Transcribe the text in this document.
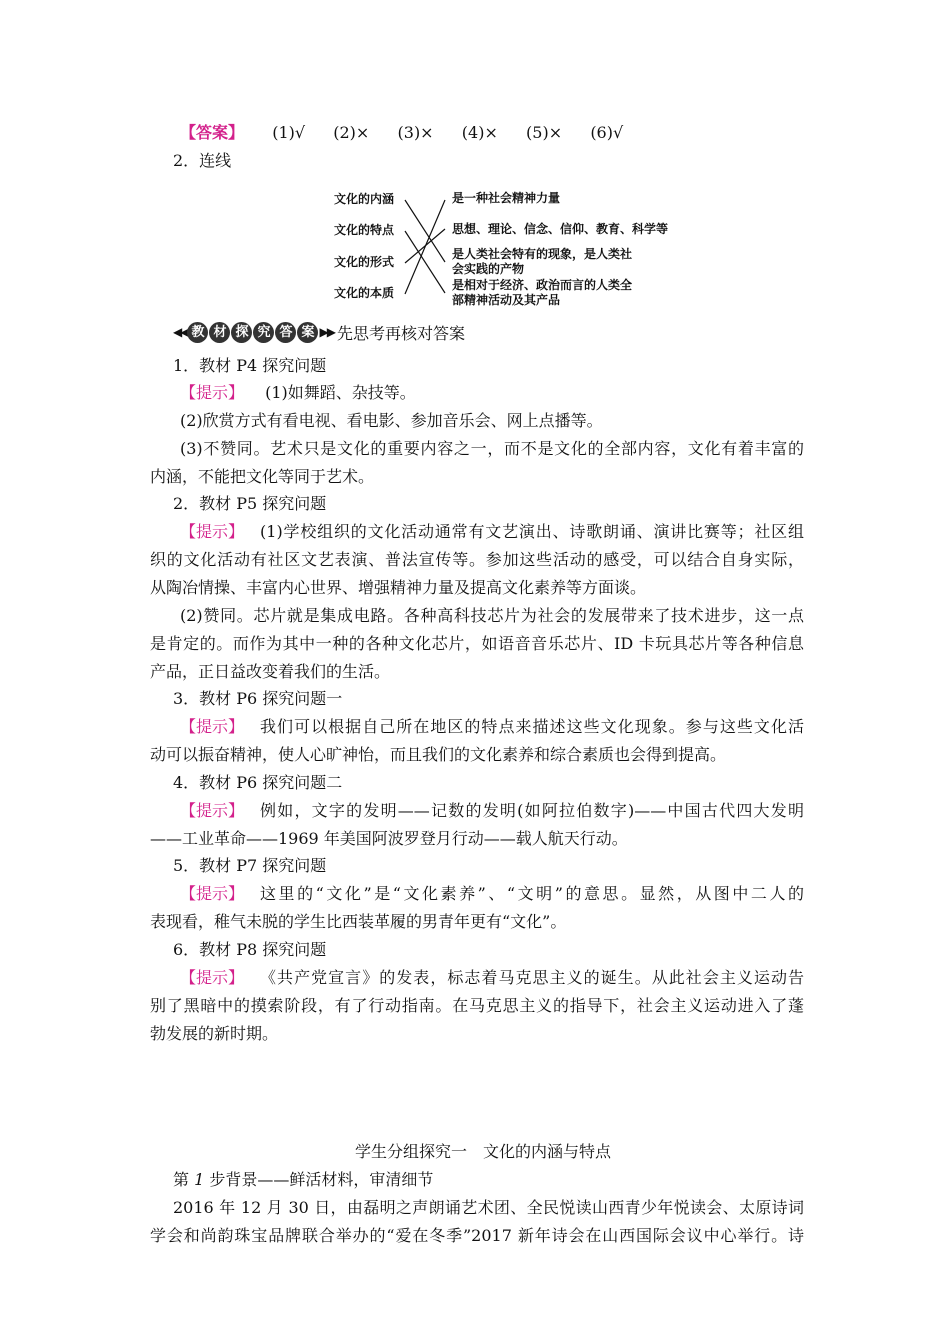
【答案】 (1)√ (2)× (3)× (4)× (5)× (6)√
2．连线
文化的内涵
文化的特点
文化的形式
文化的本质
是一种社会精神力量
思想、理论、信念、信仰、教育、科学等
是人类社会特有的现象，是人类社
会实践的产物
是相对于经济、政治而言的人类全
部精神活动及其产品
◀◀ 教 材 探 究 答 案 ▶▶ 先思考再核对答案
1．教材 P4 探究问题
【提示】 (1)如舞蹈、杂技等。
(2)欣赏方式有看电视、看电影、参加音乐会、网上点播等。
(3)不赞同。艺术只是文化的重要内容之一，而不是文化的全部内容，文化有着丰富的
内涵，不能把文化等同于艺术。
2．教材 P5 探究问题
【提示】 (1)学校组织的文化活动通常有文艺演出、诗歌朗诵、演讲比赛等；社区组
织的文化活动有社区文艺表演、普法宣传等。参加这些活动的感受，可以结合自身实际，
从陶冶情操、丰富内心世界、增强精神力量及提高文化素养等方面谈。
(2)赞同。芯片就是集成电路。各种高科技芯片为社会的发展带来了技术进步，这一点
是肯定的。而作为其中一种的各种文化芯片，如语音音乐芯片、ID 卡玩具芯片等各种信息
产品，正日益改变着我们的生活。
3．教材 P6 探究问题一
【提示】 我们可以根据自己所在地区的特点来描述这些文化现象。参与这些文化活
动可以振奋精神，使人心旷神怡，而且我们的文化素养和综合素质也会得到提高。
4．教材 P6 探究问题二
【提示】 例如，文字的发明——记数的发明(如阿拉伯数字)——中国古代四大发明
——工业革命——1969 年美国阿波罗登月行动——载人航天行动。
5．教材 P7 探究问题
【提示】 这里的“文化”是“文化素养”、“文明”的意思。显然，从图中二人的
表现看，稚气未脱的学生比西装革履的男青年更有“文化”。
6．教材 P8 探究问题
【提示】 《共产党宣言》的发表，标志着马克思主义的诞生。从此社会主义运动告
别了黑暗中的摸索阶段，有了行动指南。在马克思主义的指导下，社会主义运动进入了蓬
勃发展的新时期。
学生分组探究一　文化的内涵与特点
第 1 步背景——鲜活材料，审清细节
2016 年 12 月 30 日，由磊明之声朗诵艺术团、全民悦读山西青少年悦读会、太原诗词
学会和尚韵珠宝品牌联合举办的“爱在冬季”2017 新年诗会在山西国际会议中心举行。诗
